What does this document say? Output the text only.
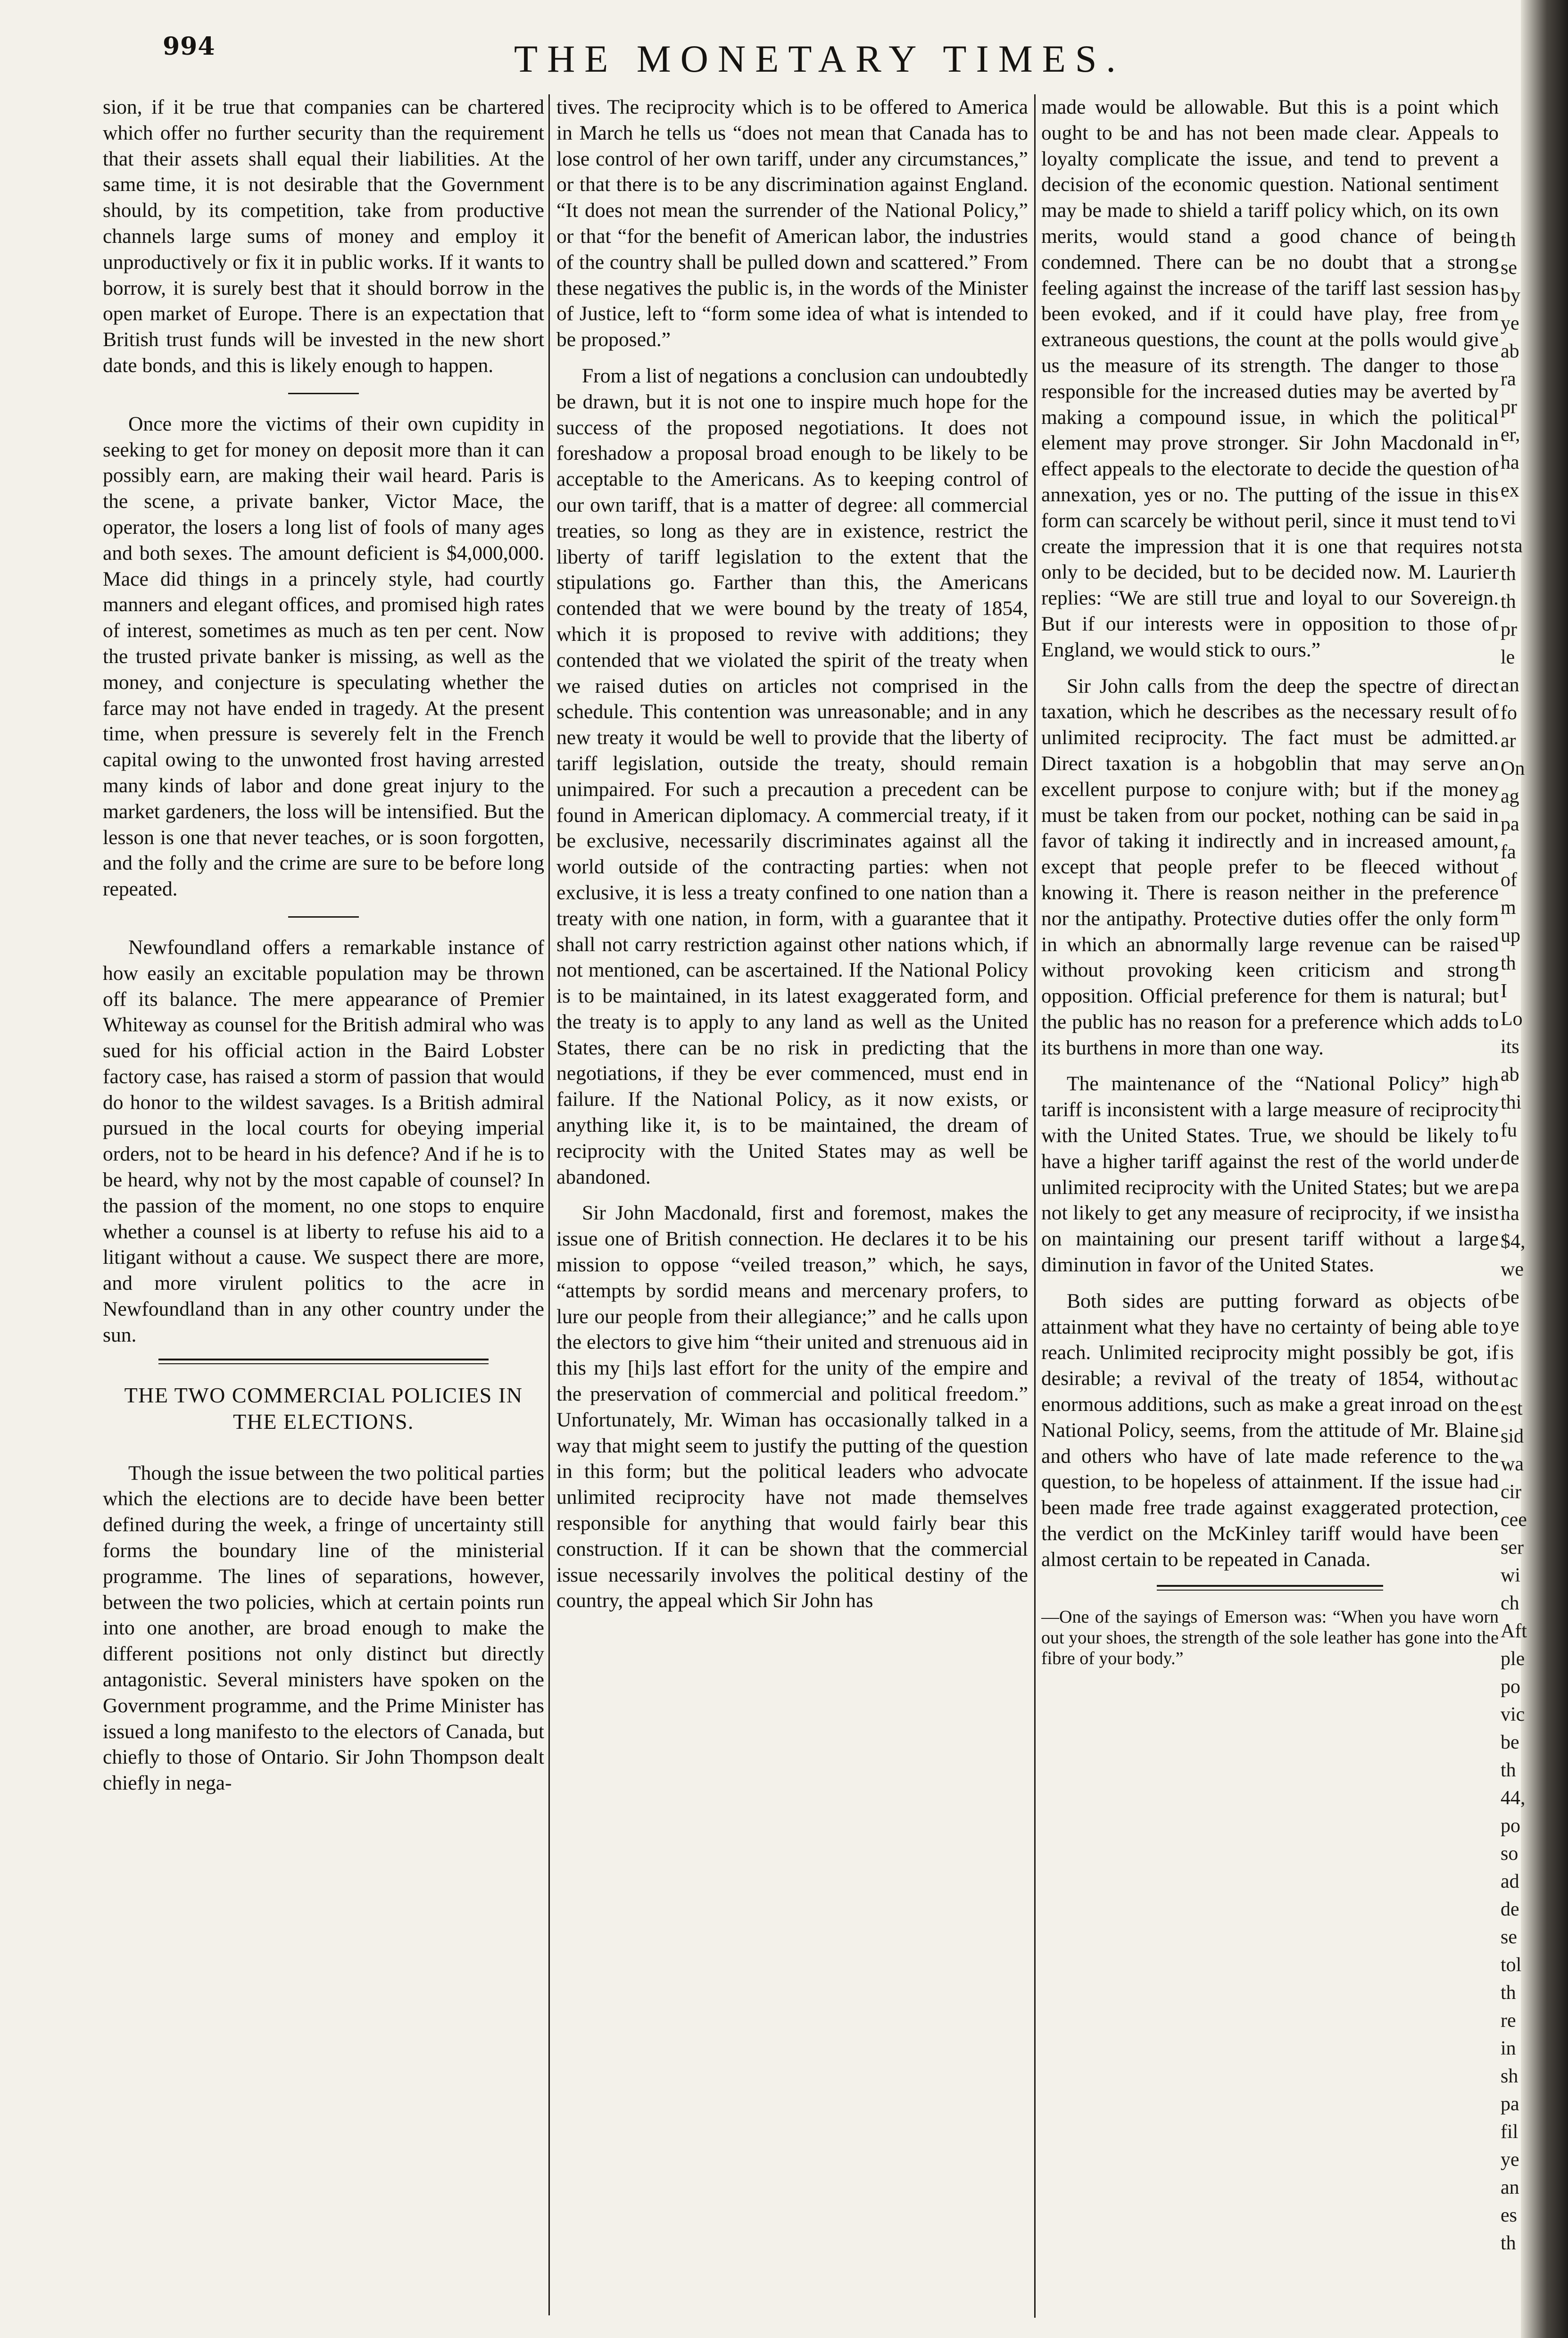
994	THE MONETARY TIMES.

sion, if it be true that companies can be chartered which offer no further security than the requirement that their assets shall equal their liabilities. At the same time, it is not desirable that the Government should, by its competition, take from productive channels large sums of money and employ it unproductively or fix it in public works. If it wants to borrow, it is surely best that it should borrow in the open market of Europe. There is an expectation that British trust funds will be invested in the new short date bonds, and this is likely enough to happen.

Once more the victims of their own cupidity in seeking to get for money on deposit more than it can possibly earn, are making their wail heard. Paris is the scene, a private banker, Victor Mace, the operator, the losers a long list of fools of many ages and both sexes. The amount deficient is $4,000,000. Mace did things in a princely style, had courtly manners and elegant offices, and promised high rates of interest, sometimes as much as ten per cent. Now the trusted private banker is missing, as well as the money, and conjecture is speculating whether the farce may not have ended in tragedy. At the present time, when pressure is severely felt in the French capital owing to the unwonted frost having arrested many kinds of labor and done great injury to the market gardeners, the loss will be intensified. But the lesson is one that never teaches, or is soon forgotten, and the folly and the crime are sure to be before long repeated.

Newfoundland offers a remarkable instance of how easily an excitable population may be thrown off its balance. The mere appearance of Premier Whiteway as counsel for the British admiral who was sued for his official action in the Baird Lobster factory case, has raised a storm of passion that would do honor to the wildest savages. Is a British admiral pursued in the local courts for obeying imperial orders, not to be heard in his defence? And if he is to be heard, why not by the most capable of counsel? In the passion of the moment, no one stops to enquire whether a counsel is at liberty to refuse his aid to a litigant without a cause. We suspect there are more, and more virulent politics to the acre in Newfoundland than in any other country under the sun.

THE TWO COMMERCIAL POLICIES IN THE ELECTIONS.

Though the issue between the two political parties which the elections are to decide have been better defined during the week, a fringe of uncertainty still forms the boundary line of the ministerial programme. The lines of separations, however, between the two policies, which at certain points run into one another, are broad enough to make the different positions not only distinct but directly antagonistic. Several ministers have spoken on the Government programme, and the Prime Minister has issued a long manifesto to the electors of Canada, but chiefly to those of Ontario. Sir John Thompson dealt chiefly in nega-

tives. The reciprocity which is to be offered to America in March he tells us “does not mean that Canada has to lose control of her own tariff, under any circumstances,” or that there is to be any discrimination against England. “It does not mean the surrender of the National Policy,” or that “for the benefit of American labor, the industries of the country shall be pulled down and scattered.” From these negatives the public is, in the words of the Minister of Justice, left to “form some idea of what is intended to be proposed.”

From a list of negations a conclusion can undoubtedly be drawn, but it is not one to inspire much hope for the success of the proposed negotiations. It does not foreshadow a proposal broad enough to be likely to be acceptable to the Americans. As to keeping control of our own tariff, that is a matter of degree: all commercial treaties, so long as they are in existence, restrict the liberty of tariff legislation to the extent that the stipulations go. Farther than this, the Americans contended that we were bound by the treaty of 1854, which it is proposed to revive with additions; they contended that we violated the spirit of the treaty when we raised duties on articles not comprised in the schedule. This contention was unreasonable; and in any new treaty it would be well to provide that the liberty of tariff legislation, outside the treaty, should remain unimpaired. For such a precaution a precedent can be found in American diplomacy. A commercial treaty, if it be exclusive, necessarily discriminates against all the world outside of the contracting parties: when not exclusive, it is less a treaty confined to one nation than a treaty with one nation, in form, with a guarantee that it shall not carry restriction against other nations which, if not mentioned, can be ascertained. If the National Policy is to be maintained, in its latest exaggerated form, and the treaty is to apply to any land as well as the United States, there can be no risk in predicting that the negotiations, if they be ever commenced, must end in failure. If the National Policy, as it now exists, or anything like it, is to be maintained, the dream of reciprocity with the United States may as well be abandoned.

Sir John Macdonald, first and foremost, makes the issue one of British connection. He declares it to be his mission to oppose “veiled treason,” which, he says, “attempts by sordid means and mercenary profers, to lure our people from their allegiance;” and he calls upon the electors to give him “their united and strenuous aid in this my [hi]s last effort for the unity of the empire and the preservation of commercial and political freedom.” Unfortunately, Mr. Wiman has occasionally talked in a way that might seem to justify the putting of the question in this form; but the political leaders who advocate unlimited reciprocity have not made themselves responsible for anything that would fairly bear this construction. If it can be shown that the commercial issue necessarily involves the political destiny of the country, the appeal which Sir John has

made would be allowable. But this is a point which ought to be and has not been made clear. Appeals to loyalty complicate the issue, and tend to prevent a decision of the economic question. National sentiment may be made to shield a tariff policy which, on its own merits, would stand a good chance of being condemned. There can be no doubt that a strong feeling against the increase of the tariff last session has been evoked, and if it could have play, free from extraneous questions, the count at the polls would give us the measure of its strength. The danger to those responsible for the increased duties may be averted by making a compound issue, in which the political element may prove stronger. Sir John Macdonald in effect appeals to the electorate to decide the question of annexation, yes or no. The putting of the issue in this form can scarcely be without peril, since it must tend to create the impression that it is one that requires not only to be decided, but to be decided now. M. Laurier replies: “We are still true and loyal to our Sovereign. But if our interests were in opposition to those of England, we would stick to ours.”

Sir John calls from the deep the spectre of direct taxation, which he describes as the necessary result of unlimited reciprocity. The fact must be admitted. Direct taxation is a hobgoblin that may serve an excellent purpose to conjure with; but if the money must be taken from our pocket, nothing can be said in favor of taking it indirectly and in increased amount, except that people prefer to be fleeced without knowing it. There is reason neither in the preference nor the antipathy. Protective duties offer the only form in which an abnormally large revenue can be raised without provoking keen criticism and strong opposition. Official preference for them is natural; but the public has no reason for a preference which adds to its burthens in more than one way.

The maintenance of the “National Policy” high tariff is inconsistent with a large measure of reciprocity with the United States. True, we should be likely to have a higher tariff against the rest of the world under unlimited reciprocity with the United States; but we are not likely to get any measure of reciprocity, if we insist on maintaining our present tariff without a large diminution in favor of the United States.

Both sides are putting forward as objects of attainment what they have no certainty of being able to reach. Unlimited reciprocity might possibly be got, if desirable; a revival of the treaty of 1854, without enormous additions, such as make a great inroad on the National Policy, seems, from the attitude of Mr. Blaine and others who have of late made reference to the question, to be hopeless of attainment. If the issue had been made free trade against exaggerated protection, the verdict on the McKinley tariff would have been almost certain to be repeated in Canada.

—One of the sayings of Emerson was: “When you have worn out your shoes, the strength of the sole leather has gone into the fibre of your body.”

th
se
by
ye
ab
ra
pr
er,
ha
ex
vi
sta
th
th
pr
le
an
fo
ar
On
ag
pa
fa
of
m
up
th
I
Lo
its
ab
thi
fu
de
pa
ha
$4,
we
be
ye
is
ac
est
sid
wa
cir
cee
ser
wi
ch
Aft
ple
po
vic
be
th
44,
po
so
ad
de
se
tol
th
re
in
sh
pa
fil
ye
an
es
th
